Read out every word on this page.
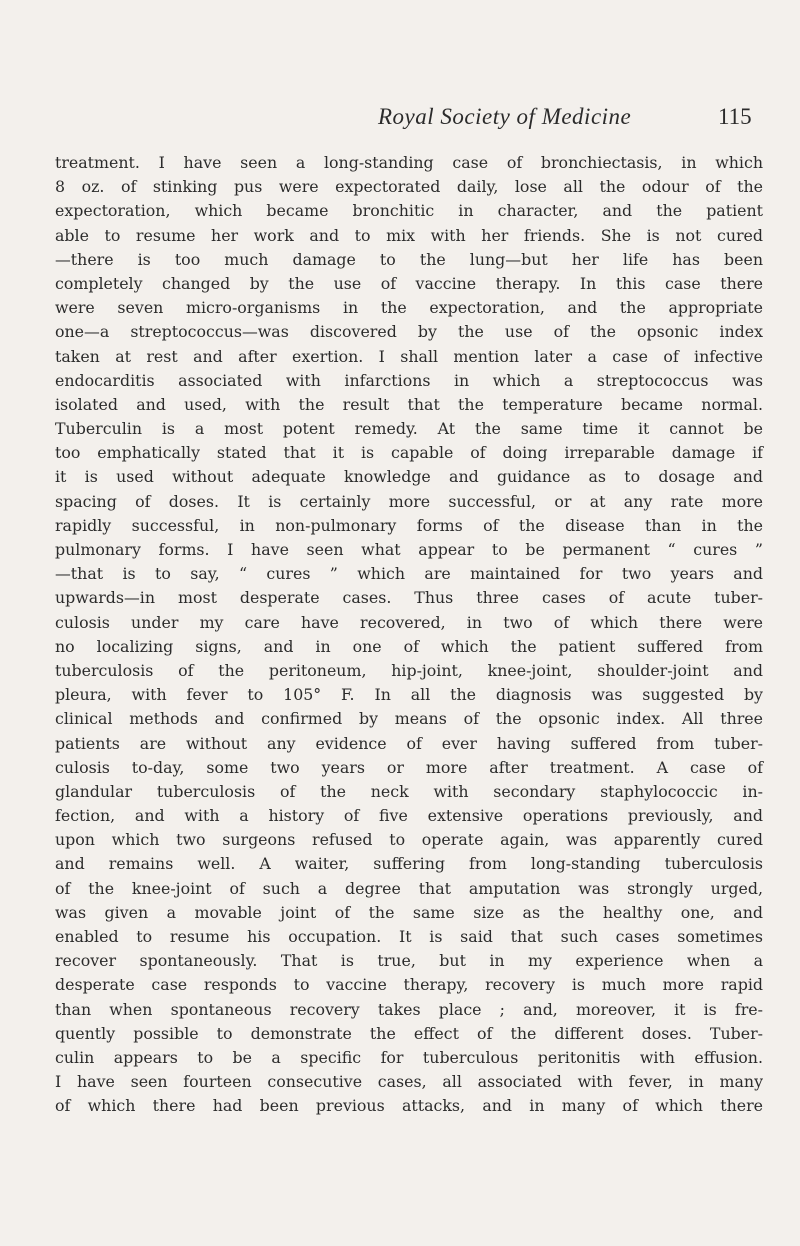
Royal Society of Medicine	115
treatment. I have seen a long-standing case of bronchiectasis, in which
8 oz. of stinking pus were expectorated daily, lose all the odour of the
expectoration, which became bronchitic in character, and the patient
able to resume her work and to mix with her friends. She is not cured
—there is too much damage to the lung—but her life has been
completely changed by the use of vaccine therapy. In this case there
were seven micro-organisms in the expectoration, and the appropriate
one—a streptococcus—was discovered by the use of the opsonic index
taken at rest and after exertion. I shall mention later a case of infective
endocarditis associated with infarctions in which a streptococcus was
isolated and used, with the result that the temperature became normal.
Tuberculin is a most potent remedy. At the same time it cannot be
too emphatically stated that it is capable of doing irreparable damage if
it is used without adequate knowledge and guidance as to dosage and
spacing of doses. It is certainly more successful, or at any rate more
rapidly successful, in non-pulmonary forms of the disease than in the
pulmonary forms. I have seen what appear to be permanent “ cures ”
—that is to say, “ cures ” which are maintained for two years and
upwards—in most desperate cases. Thus three cases of acute tuber-
culosis under my care have recovered, in two of which there were
no localizing signs, and in one of which the patient suffered from
tuberculosis of the peritoneum, hip-joint, knee-joint, shoulder-joint and
pleura, with fever to 105° F. In all the diagnosis was suggested by
clinical methods and confirmed by means of the opsonic index. All three
patients are without any evidence of ever having suffered from tuber-
culosis to-day, some two years or more after treatment. A case of
glandular tuberculosis of the neck with secondary staphylococcic in-
fection, and with a history of five extensive operations previously, and
upon which two surgeons refused to operate again, was apparently cured
and remains well. A waiter, suffering from long-standing tuberculosis
of the knee-joint of such a degree that amputation was strongly urged,
was given a movable joint of the same size as the healthy one, and
enabled to resume his occupation. It is said that such cases sometimes
recover spontaneously. That is true, but in my experience when a
desperate case responds to vaccine therapy, recovery is much more rapid
than when spontaneous recovery takes place ; and, moreover, it is fre-
quently possible to demonstrate the effect of the different doses. Tuber-
culin appears to be a specific for tuberculous peritonitis with effusion.
I have seen fourteen consecutive cases, all associated with fever, in many
of which there had been previous attacks, and in many of which there
